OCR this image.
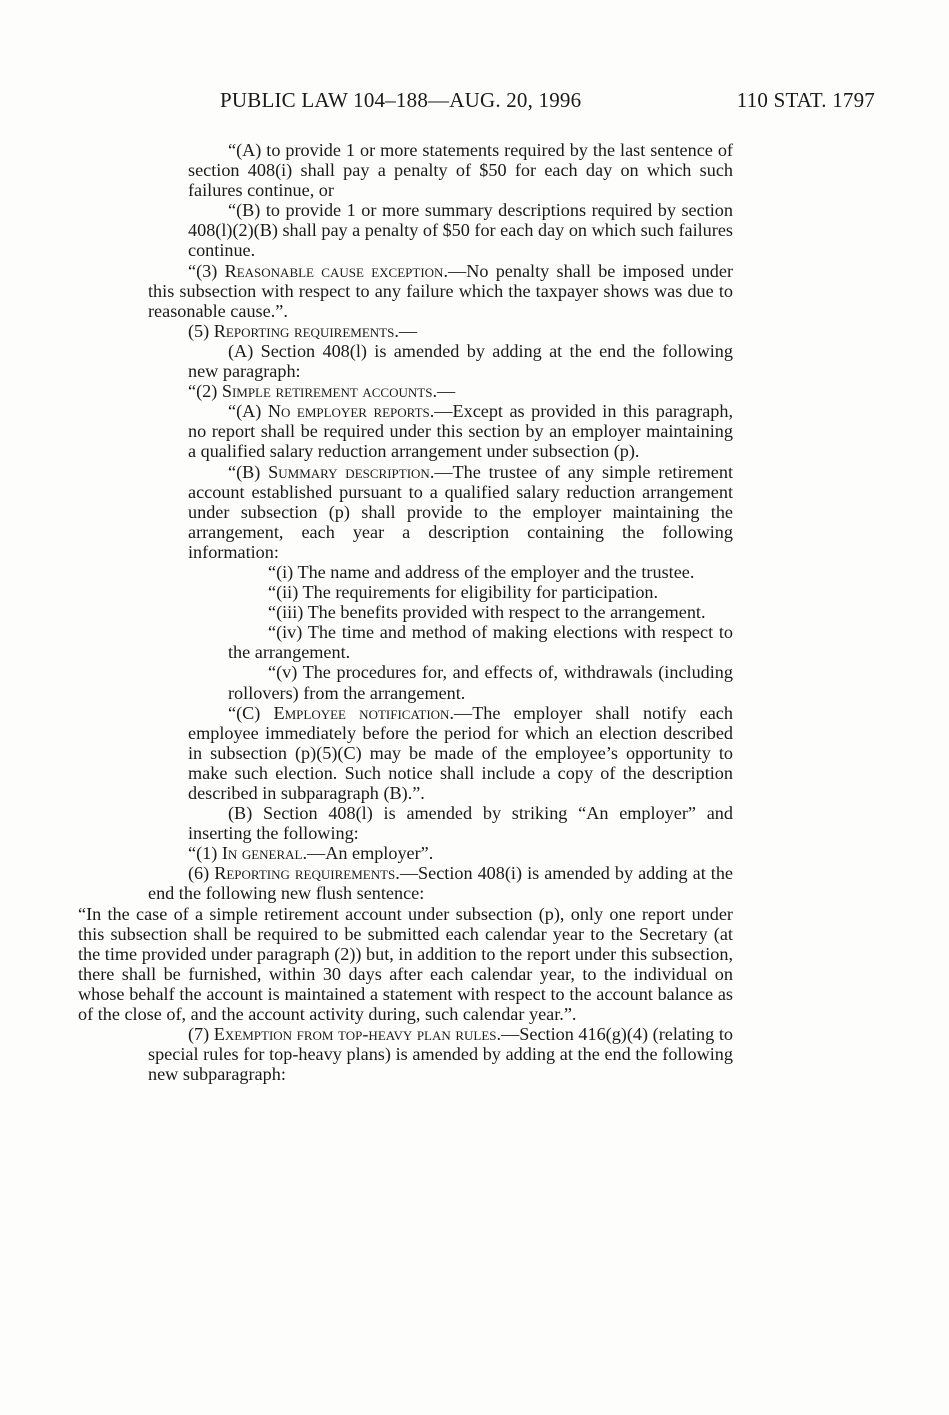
PUBLIC LAW 104–188—AUG. 20, 1996	110 STAT. 1797

“(A) to provide 1 or more statements required by the last sentence of section 408(i) shall pay a penalty of $50 for each day on which such failures continue, or

“(B) to provide 1 or more summary descriptions required by section 408(l)(2)(B) shall pay a penalty of $50 for each day on which such failures continue.

“(3) Reasonable cause exception.—No penalty shall be imposed under this subsection with respect to any failure which the taxpayer shows was due to reasonable cause.”.

(5) Reporting requirements.—

(A) Section 408(l) is amended by adding at the end the following new paragraph:

“(2) Simple retirement accounts.—

“(A) No employer reports.—Except as provided in this paragraph, no report shall be required under this section by an employer maintaining a qualified salary reduction arrangement under subsection (p).

“(B) Summary description.—The trustee of any simple retirement account established pursuant to a qualified salary reduction arrangement under subsection (p) shall provide to the employer maintaining the arrangement, each year a description containing the following information:

“(i) The name and address of the employer and the trustee.

“(ii) The requirements for eligibility for participation.

“(iii) The benefits provided with respect to the arrangement.

“(iv) The time and method of making elections with respect to the arrangement.

“(v) The procedures for, and effects of, withdrawals (including rollovers) from the arrangement.

“(C) Employee notification.—The employer shall notify each employee immediately before the period for which an election described in subsection (p)(5)(C) may be made of the employee’s opportunity to make such election. Such notice shall include a copy of the description described in subparagraph (B).”.

(B) Section 408(l) is amended by striking “An employer” and inserting the following:

“(1) In general.—An employer”.

(6) Reporting requirements.—Section 408(i) is amended by adding at the end the following new flush sentence:

“In the case of a simple retirement account under subsection (p), only one report under this subsection shall be required to be submitted each calendar year to the Secretary (at the time provided under paragraph (2)) but, in addition to the report under this subsection, there shall be furnished, within 30 days after each calendar year, to the individual on whose behalf the account is maintained a statement with respect to the account balance as of the close of, and the account activity during, such calendar year.”.

(7) Exemption from top-heavy plan rules.—Section 416(g)(4) (relating to special rules for top-heavy plans) is amended by adding at the end the following new subparagraph:
